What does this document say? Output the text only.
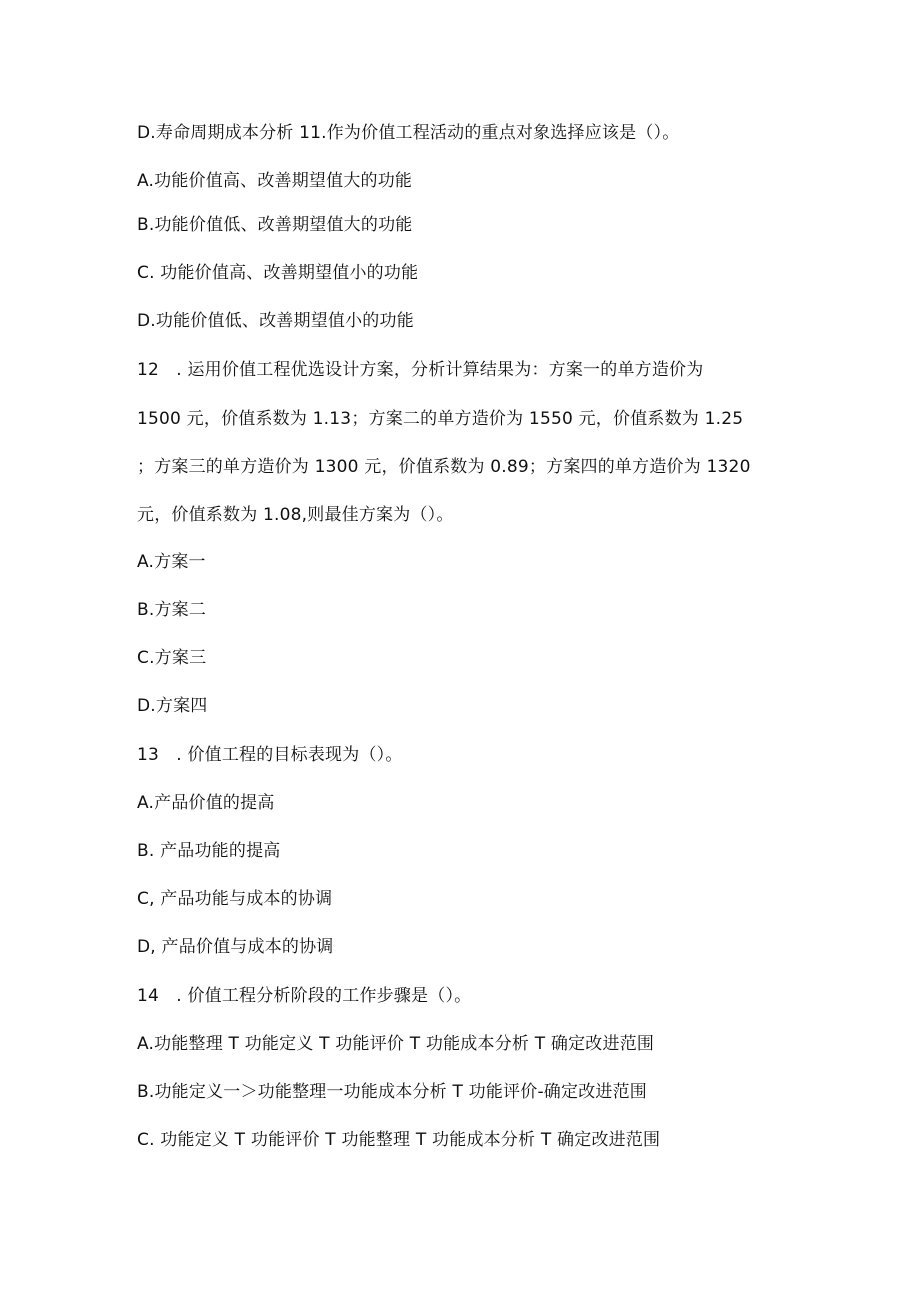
D.寿命周期成本分析 11.作为价值工程活动的重点对象选择应该是（）。
A.功能价值高、改善期望值大的功能
B.功能价值低、改善期望值大的功能
C. 功能价值高、改善期望值小的功能
D.功能价值低、改善期望值小的功能
12　. 运用价值工程优选设计方案，分析计算结果为：方案一的单方造价为
1500 元，价值系数为 1.13；方案二的单方造价为 1550 元，价值系数为 1.25
；方案三的单方造价为 1300 元，价值系数为 0.89；方案四的单方造价为 1320
元，价值系数为 1.08,则最佳方案为（）。
A.方案一
B.方案二
C.方案三
D.方案四
13　. 价值工程的目标表现为（）。
A.产品价值的提高
B. 产品功能的提高
C, 产品功能与成本的协调
D, 产品价值与成本的协调
14　. 价值工程分析阶段的工作步骤是（）。
A.功能整理 T 功能定义 T 功能评价 T 功能成本分析 T 确定改进范围
B.功能定义一＞功能整理一功能成本分析 T 功能评价-确定改进范围
C. 功能定义 T 功能评价 T 功能整理 T 功能成本分析 T 确定改进范围
